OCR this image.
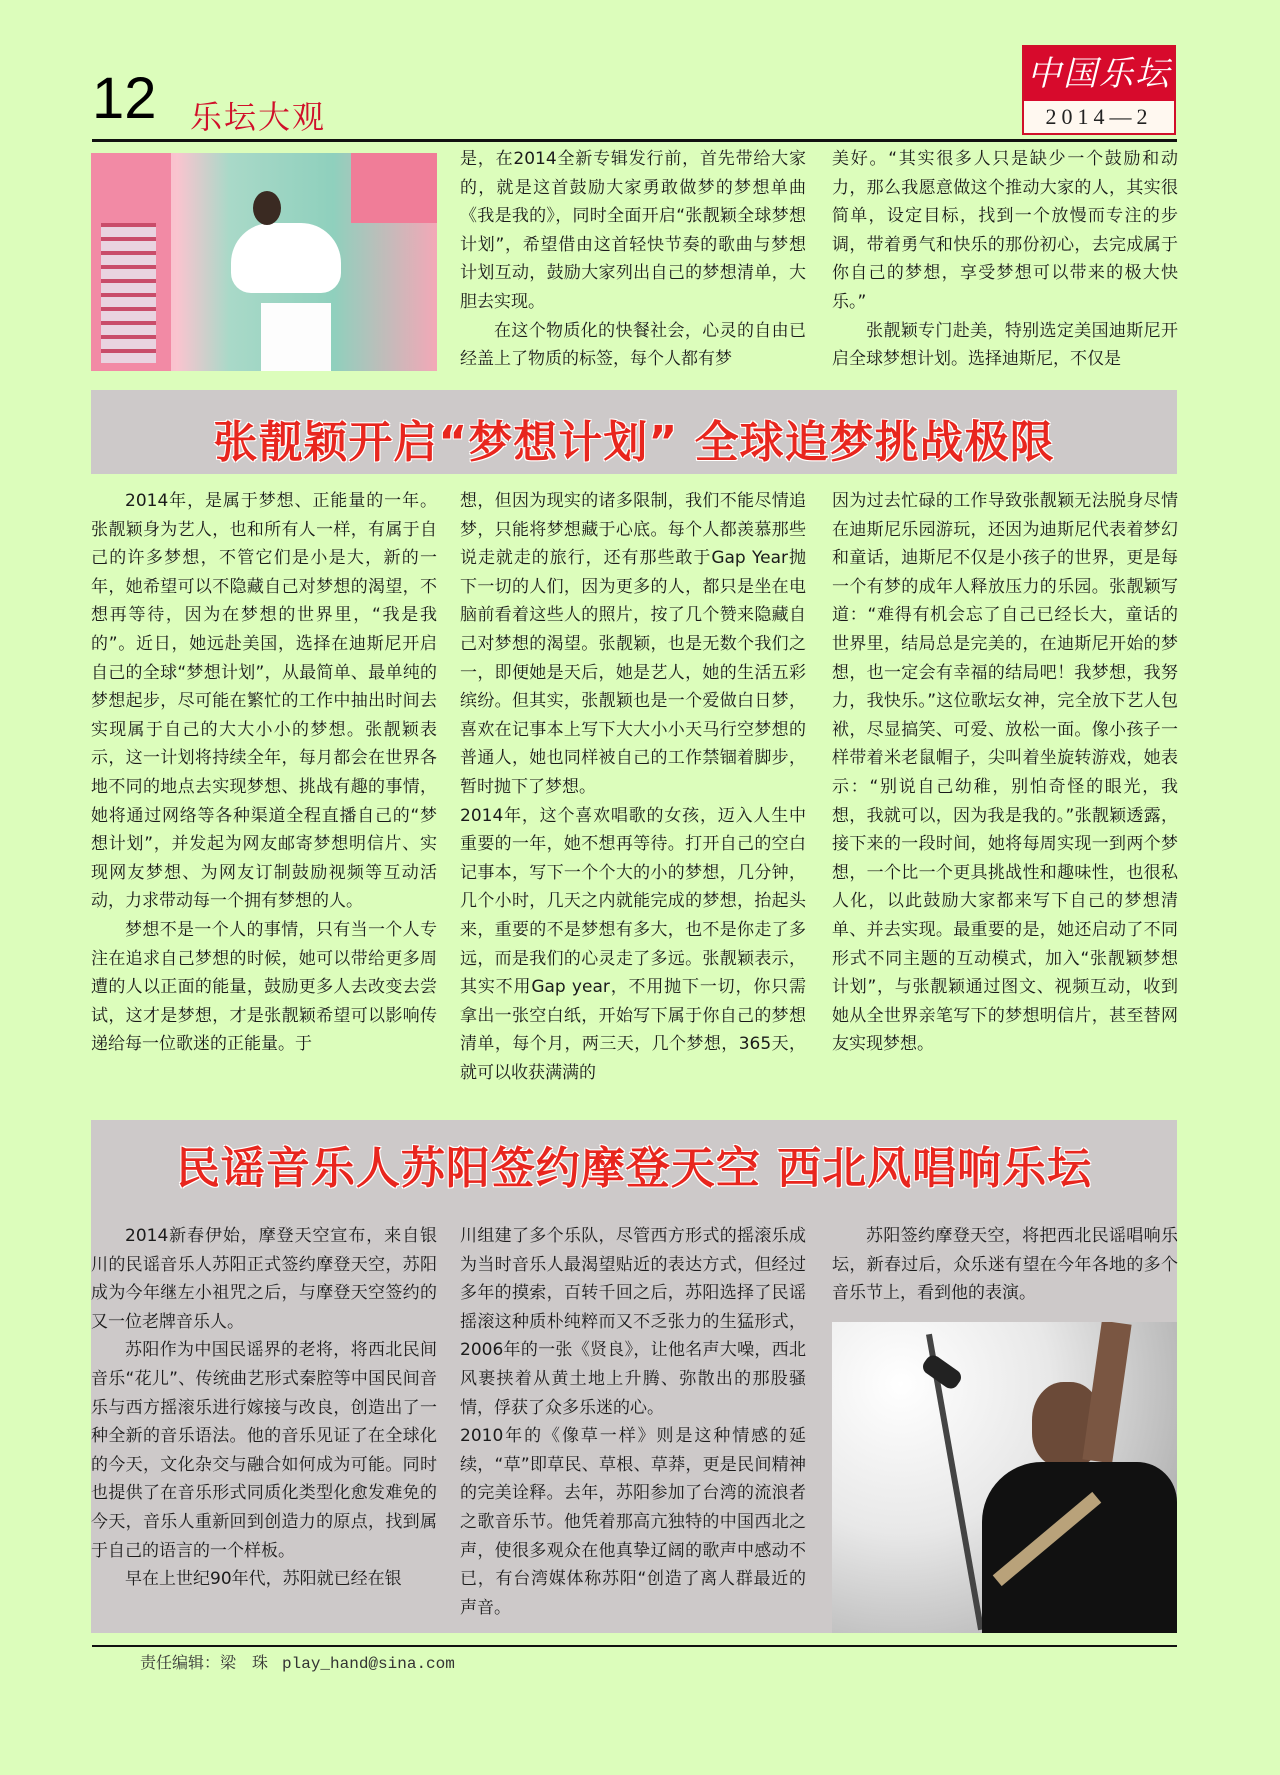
12 乐坛大观
中国乐坛
2014—2

是，在2014全新专辑发行前，首先带给大家的，就是这首鼓励大家勇敢做梦的梦想单曲《我是我的》，同时全面开启“张靓颖全球梦想计划”，希望借由这首轻快节奏的歌曲与梦想计划互动，鼓励大家列出自己的梦想清单，大胆去实现。

在这个物质化的快餐社会，心灵的自由已经盖上了物质的标签，每个人都有梦

美好。“其实很多人只是缺少一个鼓励和动力，那么我愿意做这个推动大家的人，其实很简单，设定目标，找到一个放慢而专注的步调，带着勇气和快乐的那份初心，去完成属于你自己的梦想，享受梦想可以带来的极大快乐。”

张靓颖专门赴美，特别选定美国迪斯尼开启全球梦想计划。选择迪斯尼，不仅是

张靓颖开启“梦想计划” 全球追梦挑战极限

2014年，是属于梦想、正能量的一年。张靓颖身为艺人，也和所有人一样，有属于自己的许多梦想，不管它们是小是大，新的一年，她希望可以不隐藏自己对梦想的渴望，不想再等待，因为在梦想的世界里，“我是我的”。近日，她远赴美国，选择在迪斯尼开启自己的全球“梦想计划”，从最简单、最单纯的梦想起步，尽可能在繁忙的工作中抽出时间去实现属于自己的大大小小的梦想。张靓颖表示，这一计划将持续全年，每月都会在世界各地不同的地点去实现梦想、挑战有趣的事情，她将通过网络等各种渠道全程直播自己的“梦想计划”，并发起为网友邮寄梦想明信片、实现网友梦想、为网友订制鼓励视频等互动活动，力求带动每一个拥有梦想的人。

梦想不是一个人的事情，只有当一个人专注在追求自己梦想的时候，她可以带给更多周遭的人以正面的能量，鼓励更多人去改变去尝试，这才是梦想，才是张靓颖希望可以影响传递给每一位歌迷的正能量。于

想，但因为现实的诸多限制，我们不能尽情追梦，只能将梦想藏于心底。每个人都羡慕那些说走就走的旅行，还有那些敢于Gap Year抛下一切的人们，因为更多的人，都只是坐在电脑前看着这些人的照片，按了几个赞来隐藏自己对梦想的渴望。张靓颖，也是无数个我们之一，即便她是天后，她是艺人，她的生活五彩缤纷。但其实，张靓颖也是一个爱做白日梦，喜欢在记事本上写下大大小小天马行空梦想的普通人，她也同样被自己的工作禁锢着脚步，暂时抛下了梦想。

2014年，这个喜欢唱歌的女孩，迈入人生中重要的一年，她不想再等待。打开自己的空白记事本，写下一个个大的小的梦想，几分钟，几个小时，几天之内就能完成的梦想，抬起头来，重要的不是梦想有多大，也不是你走了多远，而是我们的心灵走了多远。张靓颖表示，其实不用Gap year，不用抛下一切，你只需拿出一张空白纸，开始写下属于你自己的梦想清单，每个月，两三天，几个梦想，365天，就可以收获满满的

因为过去忙碌的工作导致张靓颖无法脱身尽情在迪斯尼乐园游玩，还因为迪斯尼代表着梦幻和童话，迪斯尼不仅是小孩子的世界，更是每一个有梦的成年人释放压力的乐园。张靓颖写道：“难得有机会忘了自己已经长大，童话的世界里，结局总是完美的，在迪斯尼开始的梦想，也一定会有幸福的结局吧！我梦想，我努力，我快乐。”这位歌坛女神，完全放下艺人包袱，尽显搞笑、可爱、放松一面。像小孩子一样带着米老鼠帽子，尖叫着坐旋转游戏，她表示：“别说自己幼稚，别怕奇怪的眼光，我想，我就可以，因为我是我的。”张靓颖透露，接下来的一段时间，她将每周实现一到两个梦想，一个比一个更具挑战性和趣味性，也很私人化，以此鼓励大家都来写下自己的梦想清单、并去实现。最重要的是，她还启动了不同形式不同主题的互动模式，加入“张靓颖梦想计划”，与张靓颖通过图文、视频互动，收到她从全世界亲笔写下的梦想明信片，甚至替网友实现梦想。

民谣音乐人苏阳签约摩登天空 西北风唱响乐坛

2014新春伊始，摩登天空宣布，来自银川的民谣音乐人苏阳正式签约摩登天空，苏阳成为今年继左小祖咒之后，与摩登天空签约的又一位老牌音乐人。

苏阳作为中国民谣界的老将，将西北民间音乐“花儿”、传统曲艺形式秦腔等中国民间音乐与西方摇滚乐进行嫁接与改良，创造出了一种全新的音乐语法。他的音乐见证了在全球化的今天，文化杂交与融合如何成为可能。同时也提供了在音乐形式同质化类型化愈发难免的今天，音乐人重新回到创造力的原点，找到属于自己的语言的一个样板。

早在上世纪90年代，苏阳就已经在银

川组建了多个乐队，尽管西方形式的摇滚乐成为当时音乐人最渴望贴近的表达方式，但经过多年的摸索，百转千回之后，苏阳选择了民谣摇滚这种质朴纯粹而又不乏张力的生猛形式，2006年的一张《贤良》，让他名声大噪，西北风裹挟着从黄土地上升腾、弥散出的那股骚情，俘获了众多乐迷的心。

2010年的《像草一样》则是这种情感的延续，“草”即草民、草根、草莽，更是民间精神的完美诠释。去年，苏阳参加了台湾的流浪者之歌音乐节。他凭着那高亢独特的中国西北之声，使很多观众在他真挚辽阔的歌声中感动不已，有台湾媒体称苏阳“创造了离人群最近的声音。

苏阳签约摩登天空，将把西北民谣唱响乐坛，新春过后，众乐迷有望在今年各地的多个音乐节上，看到他的表演。

责任编辑：梁　珠 play_hand@sina.com
